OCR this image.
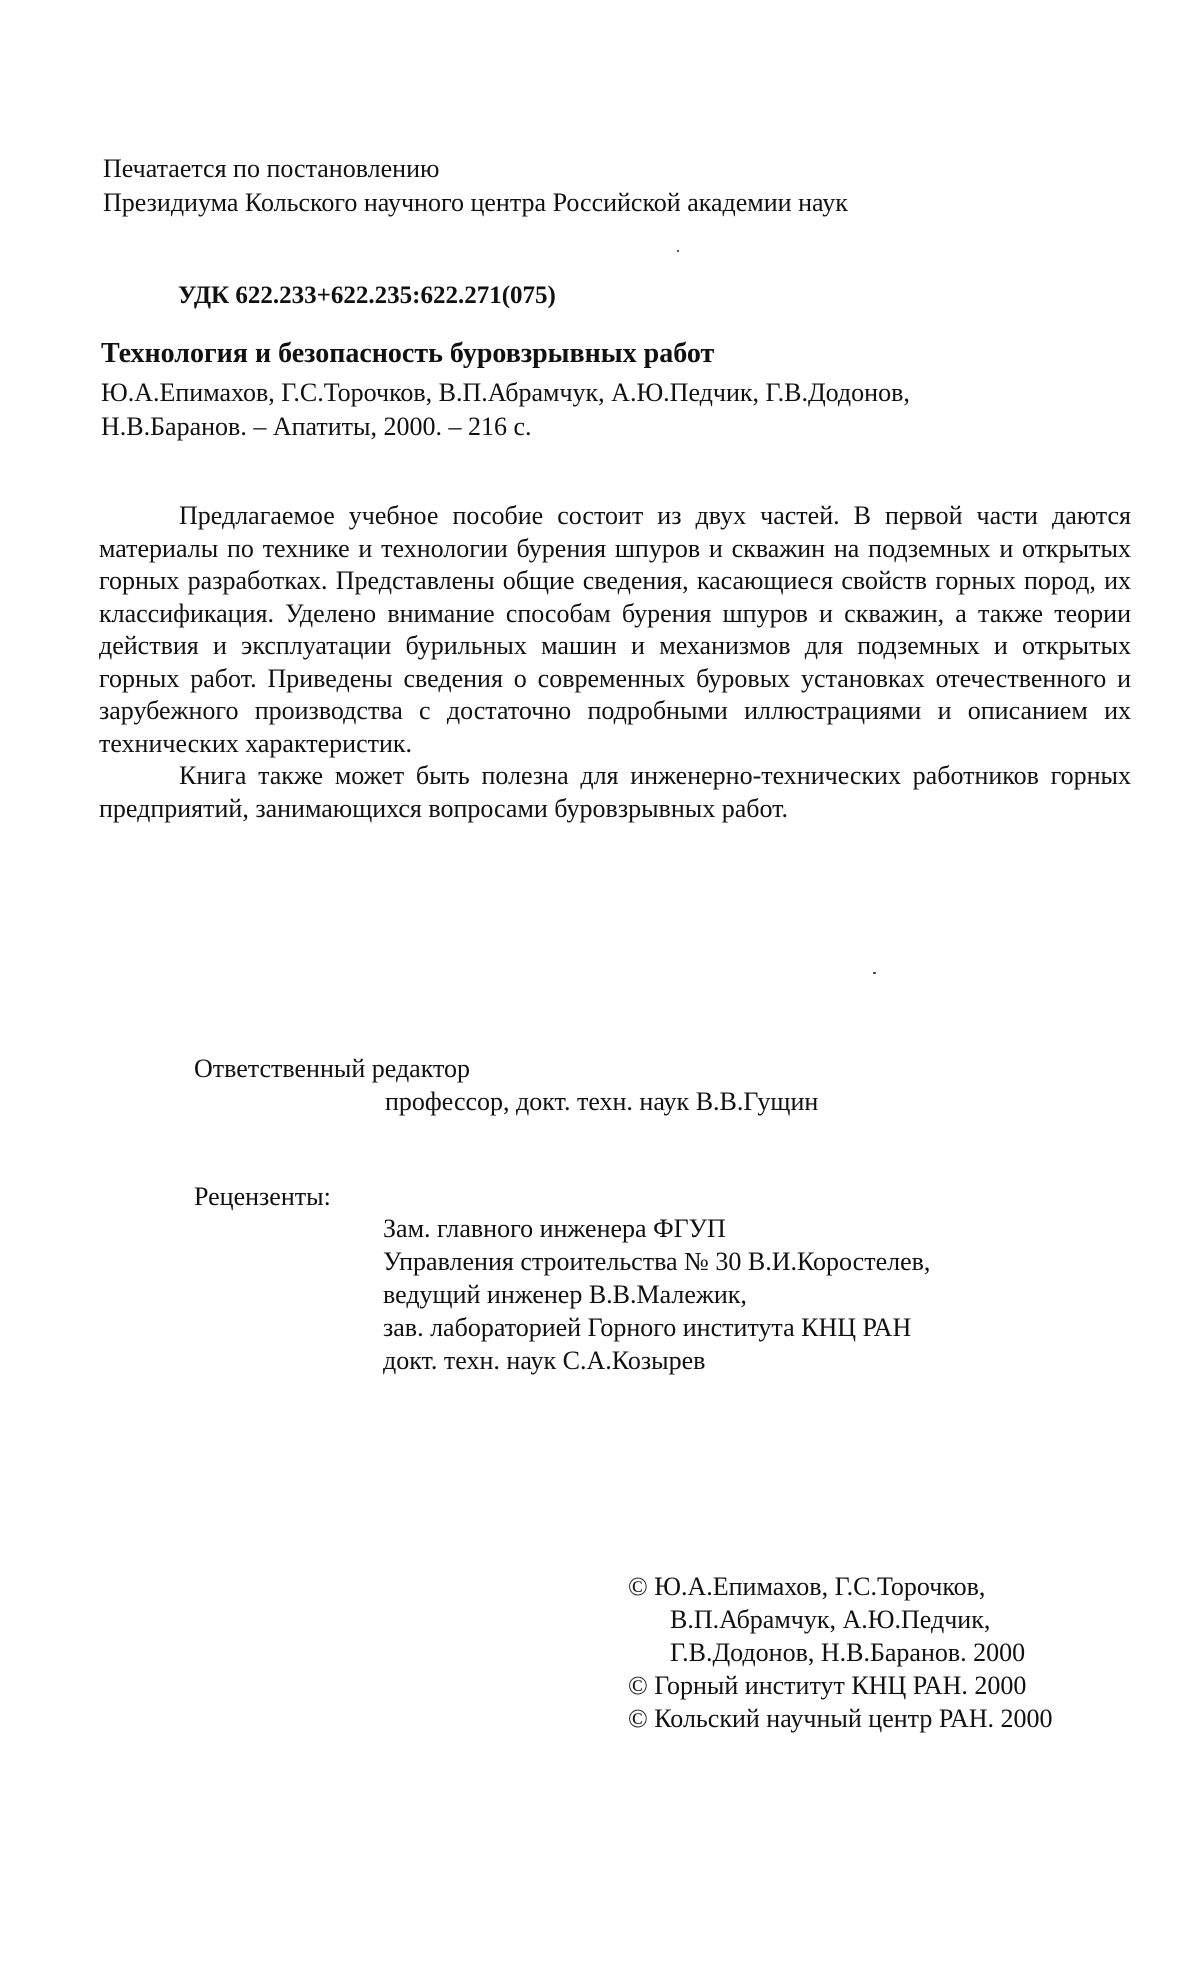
Печатается по постановлению
Президиума Кольского научного центра Российской академии наук
УДК 622.233+622.235:622.271(075)
Технология и безопасность буровзрывных работ
Ю.А.Епимахов, Г.С.Торочков, В.П.Абрамчук, А.Ю.Педчик, Г.В.Додонов,
Н.В.Баранов. – Апатиты, 2000. – 216 с.

Предлагаемое учебное пособие состоит из двух частей. В первой части даются материалы по технике и технологии бурения шпуров и скважин на подземных и открытых горных разработках. Представлены общие сведения, касающиеся свойств горных пород, их классификация. Уделено внимание способам бурения шпуров и скважин, а также теории действия и эксплуатации бурильных машин и механизмов для подземных и открытых горных работ. Приведены сведения о современных буровых установках отечественного и зарубежного производства с достаточно подробными иллюстрациями и описанием их технических характеристик.

Книга также может быть полезна для инженерно-технических работников горных предприятий, занимающихся вопросами буровзрывных работ.

Ответственный редактор
профессор, докт. техн. наук В.В.Гущин
Рецензенты:
Зам. главного инженера ФГУП
Управления строительства № 30 В.И.Коростелев,
ведущий инженер В.В.Малежик,
зав. лабораторией Горного института КНЦ РАН
докт. техн. наук С.А.Козырев
© Ю.А.Епимахов, Г.С.Торочков,
В.П.Абрамчук, А.Ю.Педчик,
Г.В.Додонов, Н.В.Баранов. 2000
© Горный институт КНЦ РАН. 2000
© Кольский научный центр РАН. 2000
